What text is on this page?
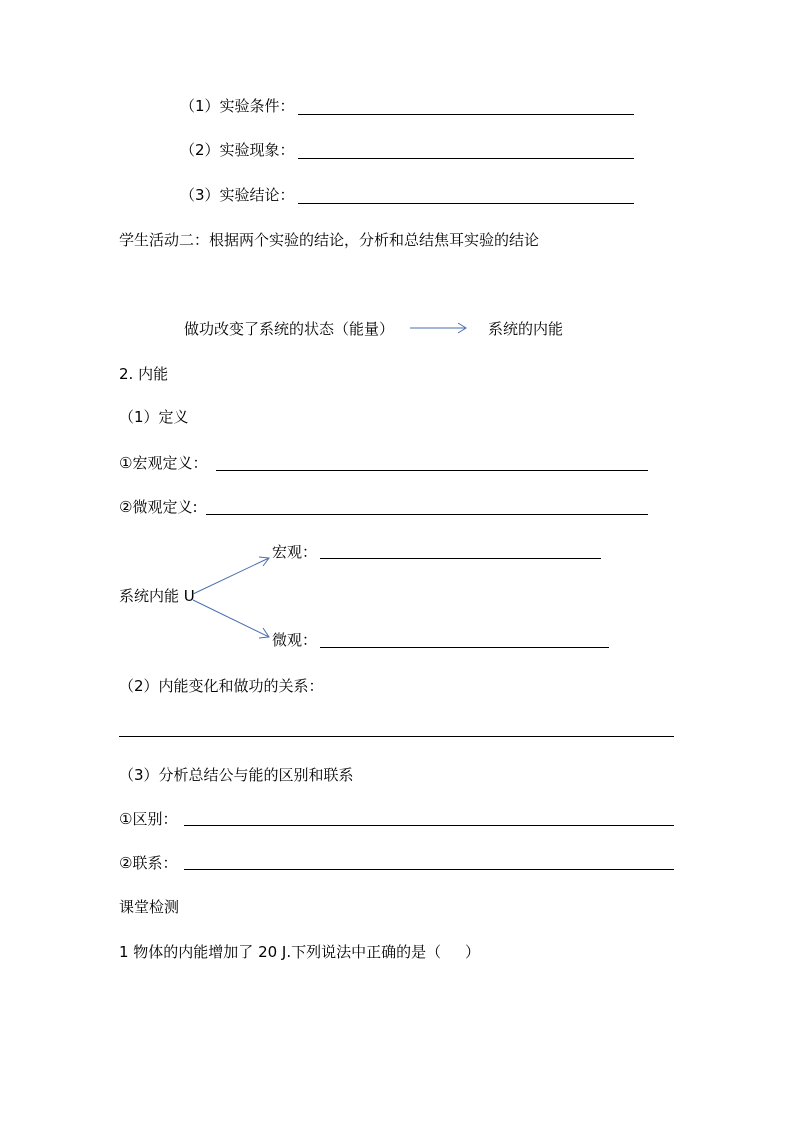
（1）实验条件：
（2）实验现象：
（3）实验结论：
学生活动二：根据两个实验的结论，分析和总结焦耳实验的结论
做功改变了系统的状态（能量）	系统的内能
2. 内能
（1）定义
①宏观定义：
②微观定义:
宏观：
系统内能 U
微观：
（2）内能变化和做功的关系：
（3）分析总结公与能的区别和联系
①区别：
②联系：
课堂检测
1 物体的内能增加了 20 J.下列说法中正确的是（     ）
